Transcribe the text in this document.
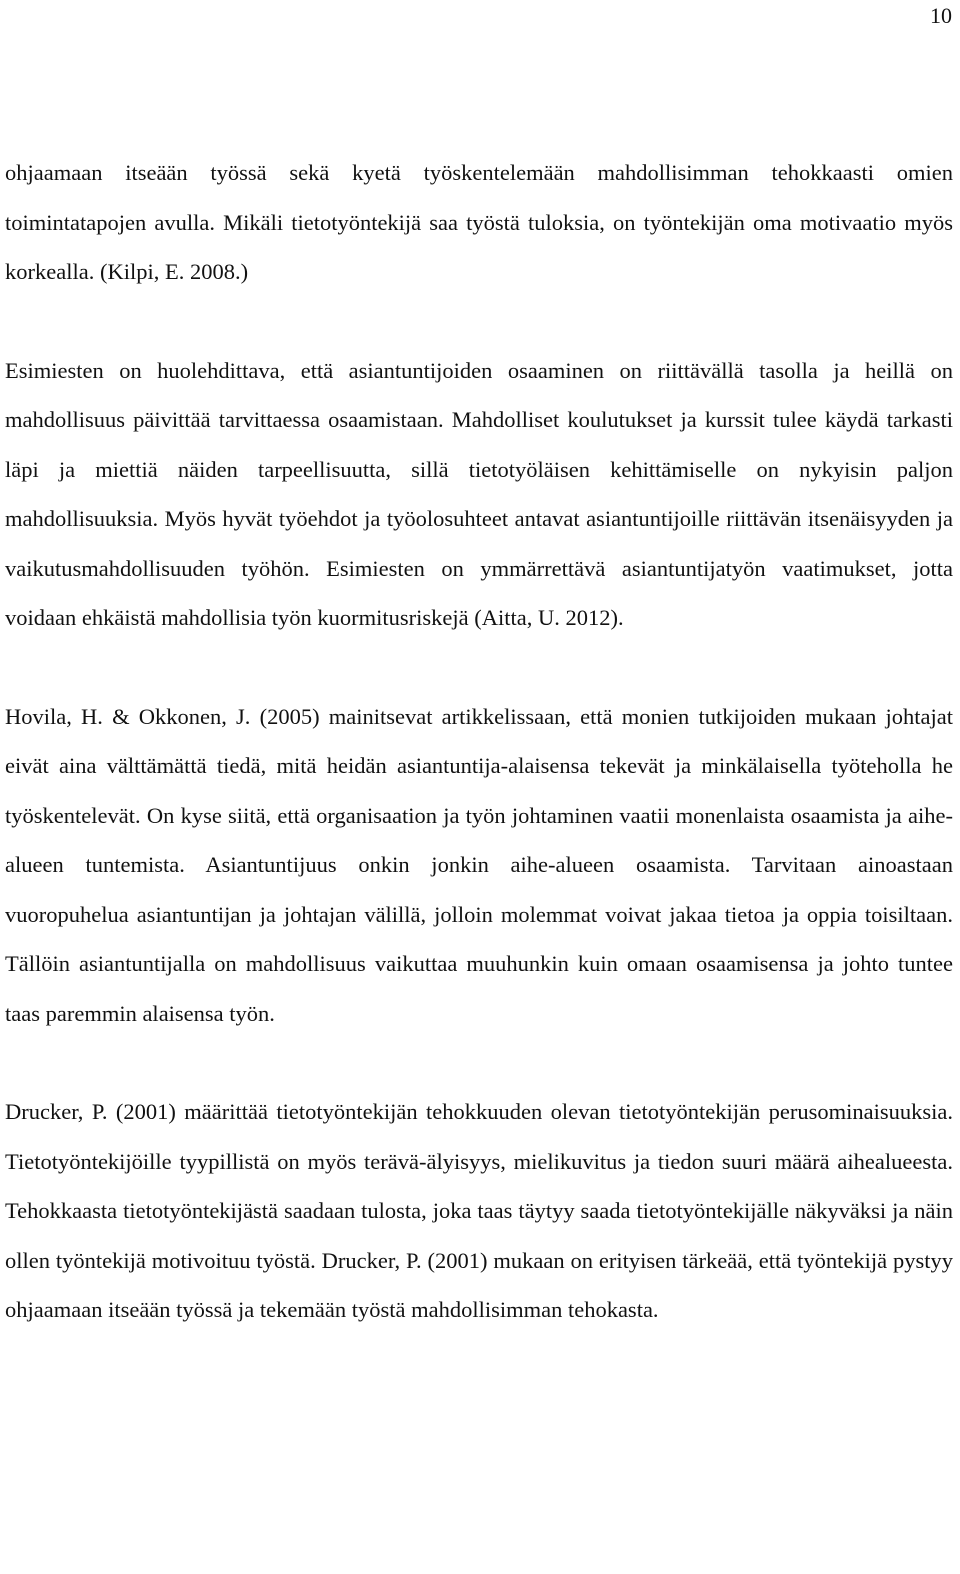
10

ohjaamaan itseään työssä sekä kyetä työskentelemään mahdollisimman tehokkaasti omien toimintatapojen avulla. Mikäli tietotyöntekijä saa työstä tuloksia, on työntekijän oma motivaatio myös korkealla. (Kilpi, E. 2008.)

Esimiesten on huolehdittava, että asiantuntijoiden osaaminen on riittävällä tasolla ja heillä on mahdollisuus päivittää tarvittaessa osaamistaan. Mahdolliset koulutukset ja kurssit tulee käydä tarkasti läpi ja miettiä näiden tarpeellisuutta, sillä tietotyöläisen kehittämiselle on nykyisin paljon mahdollisuuksia. Myös hyvät työehdot ja työolosuhteet antavat asiantuntijoille riittävän itsenäisyyden ja vaikutusmahdollisuuden työhön. Esimiesten on ymmärrettävä asiantuntijatyön vaatimukset, jotta voidaan ehkäistä mahdollisia työn kuormitusriskejä (Aitta, U. 2012).

Hovila, H. & Okkonen, J. (2005) mainitsevat artikkelissaan, että monien tutkijoiden mukaan johtajat eivät aina välttämättä tiedä, mitä heidän asiantuntija-alaisensa tekevät ja minkälaisella työteholla he työskentelevät. On kyse siitä, että organisaation ja työn johtaminen vaatii monenlaista osaamista ja aihe-alueen tuntemista. Asiantuntijuus onkin jonkin aihe-alueen osaamista. Tarvitaan ainoastaan vuoropuhelua asiantuntijan ja johtajan välillä, jolloin molemmat voivat jakaa tietoa ja oppia toisiltaan. Tällöin asiantuntijalla on mahdollisuus vaikuttaa muuhunkin kuin omaan osaamisensa ja johto tuntee taas paremmin alaisensa työn.

Drucker, P. (2001) määrittää tietotyöntekijän tehokkuuden olevan tietotyöntekijän perusominaisuuksia. Tietotyöntekijöille tyypillistä on myös terävä-älyisyys, mielikuvitus ja tiedon suuri määrä aihealueesta. Tehokkaasta tietotyöntekijästä saadaan tulosta, joka taas täytyy saada tietotyöntekijälle näkyväksi ja näin ollen työntekijä motivoituu työstä. Drucker, P. (2001) mukaan on erityisen tärkeää, että työntekijä pystyy ohjaamaan itseään työssä ja tekemään työstä mahdollisimman tehokasta.
